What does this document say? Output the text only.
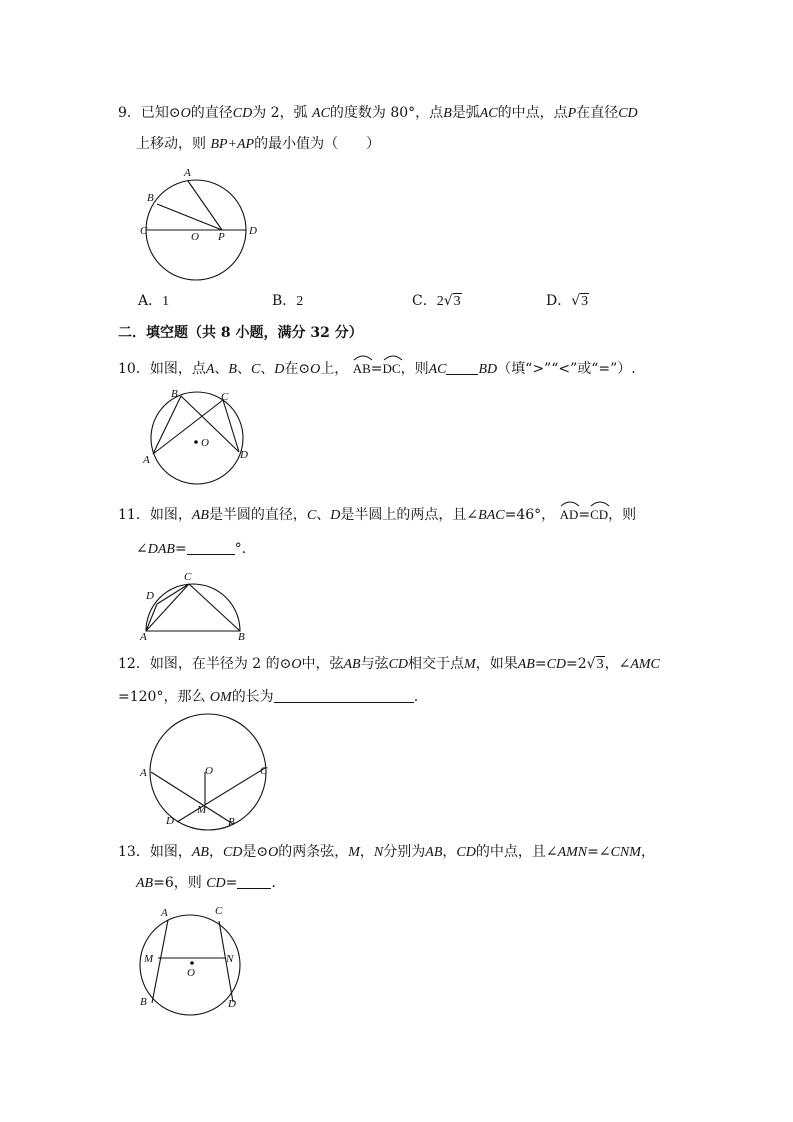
9．已知⊙O的直径CD为 2，弧 AC的度数为 80°，点B是弧AC的中点，点P在直径CD
上移动，则 BP+AP的最小值为（　　）
A
B
C	O P D
A．1	B．2	C．2√3	D．√3
二．填空题（共 8 小题，满分 32 分）
10．如图，点A、B、C、D在⊙O上， AB=
DC，则AC BD（填“>”“<”或“=”）.
B	C
A	D
O
11．如图，AB是半圆的直径，C、D是半圆上的两点，且∠BAC=46°， AD=
CD，则
∠DAB=	°．
C
D
A	B
12．如图，在半径为 2 的⊙O中，弦AB与弦CD相交于点M，如果AB=CD=2√3，∠AMC
=120°，那么 OM的长为	.
A	O	C
M
D	B
13．如图，AB，CD是⊙O的两条弦，M，N分别为AB，CD的中点，且∠AMN=∠CNM，
AB=6，则 CD= .
A	C
M
O
N
B	D
